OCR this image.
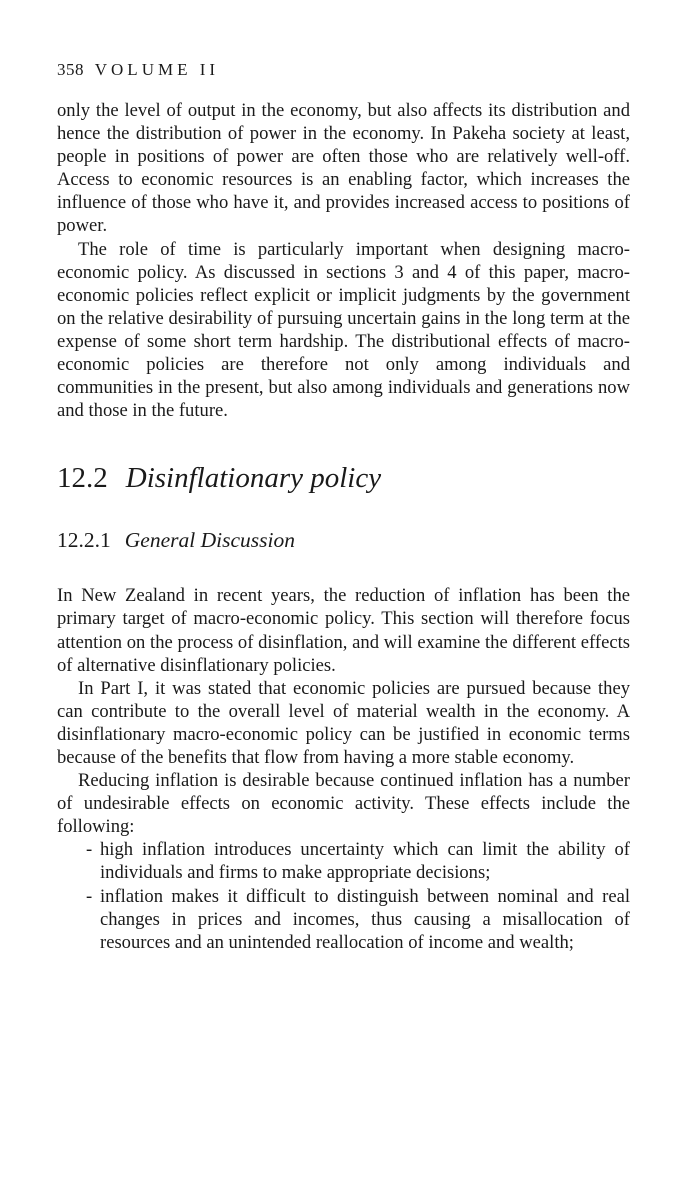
358 VOLUME II

only the level of output in the economy, but also affects its distribution and hence the distribution of power in the economy. In Pakeha society at least, people in positions of power are often those who are relatively well-off. Access to economic resources is an enabling factor, which increases the influence of those who have it, and provides increased access to positions of power.

The role of time is particularly important when designing macro-economic policy. As discussed in sections 3 and 4 of this paper, macro-economic policies reflect explicit or implicit judgments by the government on the relative desirability of pursuing uncertain gains in the long term at the expense of some short term hardship. The distributional effects of macro-economic policies are therefore not only among individuals and communities in the present, but also among individuals and generations now and those in the future.

12.2 Disinflationary policy
12.2.1 General Discussion

In New Zealand in recent years, the reduction of inflation has been the primary target of macro-economic policy. This section will therefore focus attention on the process of disinflation, and will examine the different effects of alternative disinflationary policies.

In Part I, it was stated that economic policies are pursued because they can contribute to the overall level of material wealth in the economy. A disinflationary macro-economic policy can be justified in economic terms because of the benefits that flow from having a more stable economy.

Reducing inflation is desirable because continued inflation has a number of undesirable effects on economic activity. These effects include the following:

- high inflation introduces uncertainty which can limit the ability of individuals and firms to make appropriate decisions;
- inflation makes it difficult to distinguish between nominal and real changes in prices and incomes, thus causing a misallocation of resources and an unintended reallocation of income and wealth;
